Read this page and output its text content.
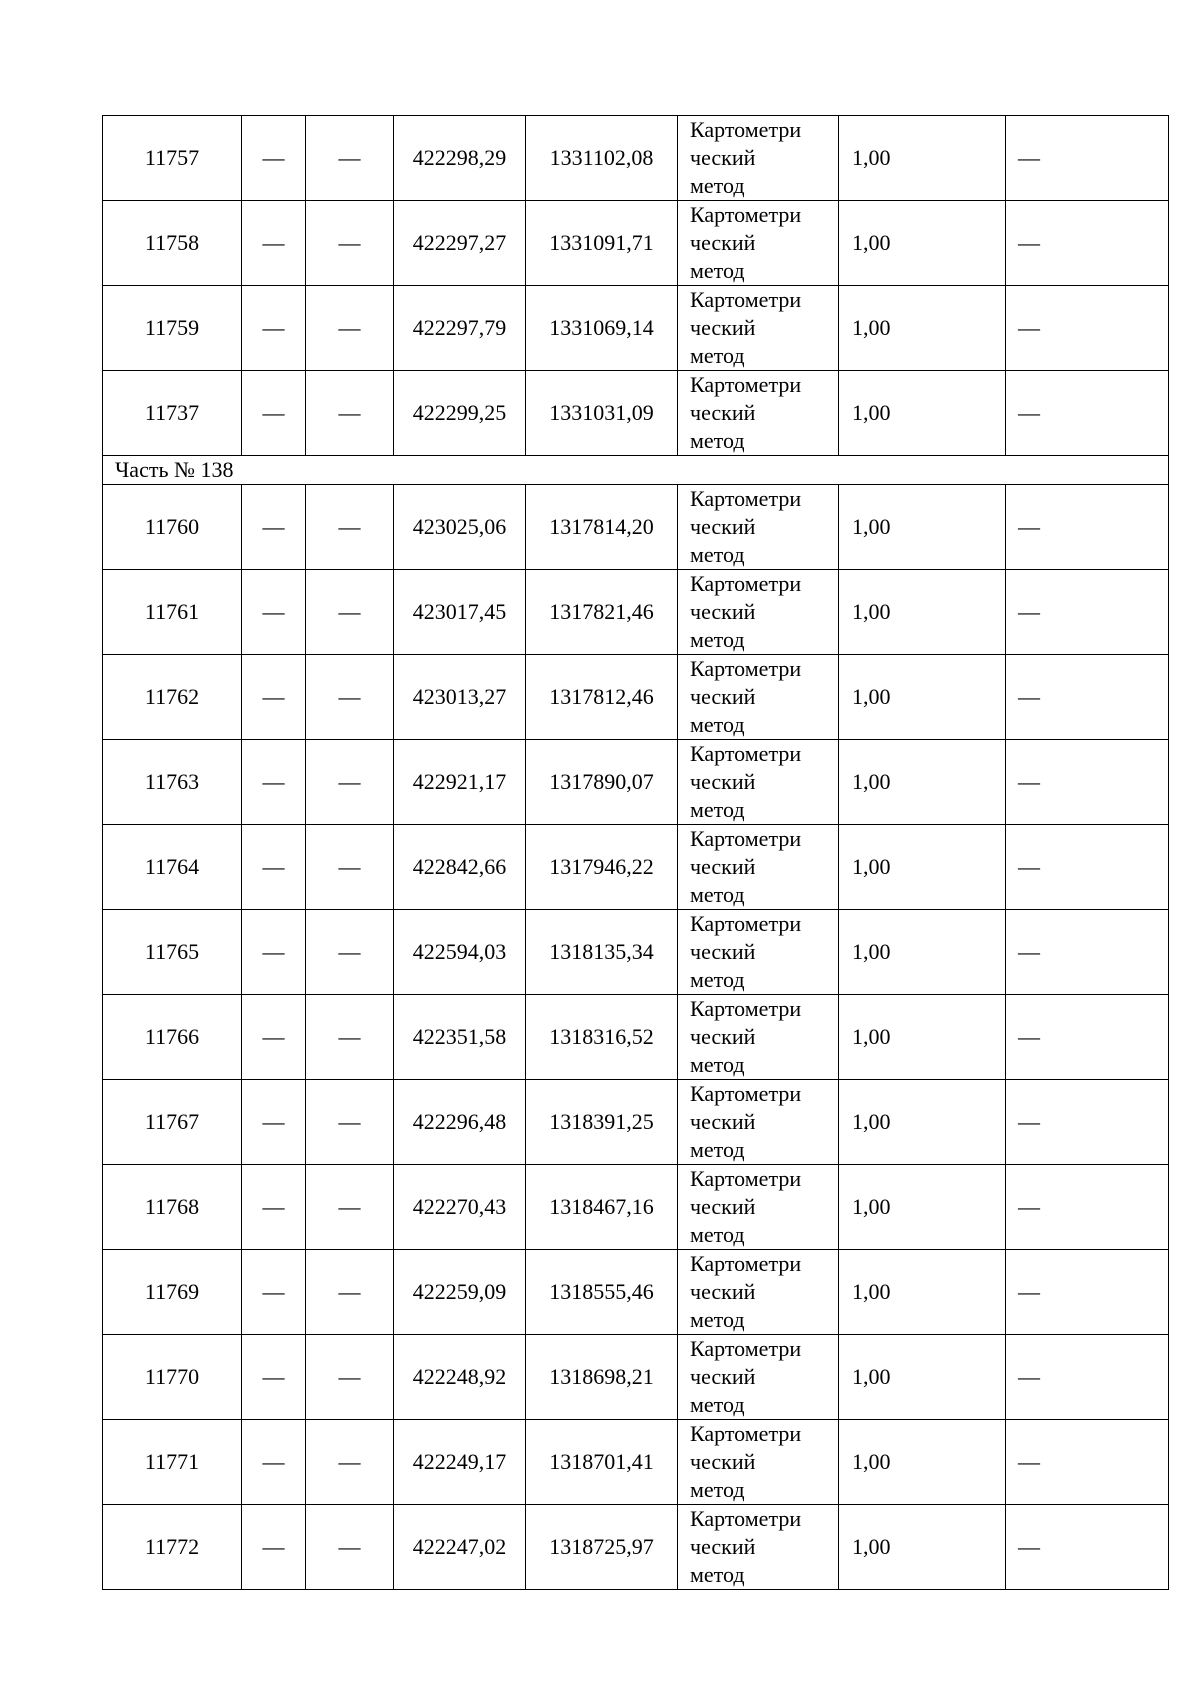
11757	—	—	422298,29	1331102,08	Картометри
ческий
метод	1,00	—
11758	—	—	422297,27	1331091,71	Картометри
ческий
метод	1,00	—
11759	—	—	422297,79	1331069,14	Картометри
ческий
метод	1,00	—
11737	—	—	422299,25	1331031,09	Картометри
ческий
метод	1,00	—
Часть № 138							
11760	—	—	423025,06	1317814,20	Картометри
ческий
метод	1,00	—
11761	—	—	423017,45	1317821,46	Картометри
ческий
метод	1,00	—
11762	—	—	423013,27	1317812,46	Картометри
ческий
метод	1,00	—
11763	—	—	422921,17	1317890,07	Картометри
ческий
метод	1,00	—
11764	—	—	422842,66	1317946,22	Картометри
ческий
метод	1,00	—
11765	—	—	422594,03	1318135,34	Картометри
ческий
метод	1,00	—
11766	—	—	422351,58	1318316,52	Картометри
ческий
метод	1,00	—
11767	—	—	422296,48	1318391,25	Картометри
ческий
метод	1,00	—
11768	—	—	422270,43	1318467,16	Картометри
ческий
метод	1,00	—
11769	—	—	422259,09	1318555,46	Картометри
ческий
метод	1,00	—
11770	—	—	422248,92	1318698,21	Картометри
ческий
метод	1,00	—
11771	—	—	422249,17	1318701,41	Картометри
ческий
метод	1,00	—
11772	—	—	422247,02	1318725,97	Картометри
ческий
метод	1,00	—
